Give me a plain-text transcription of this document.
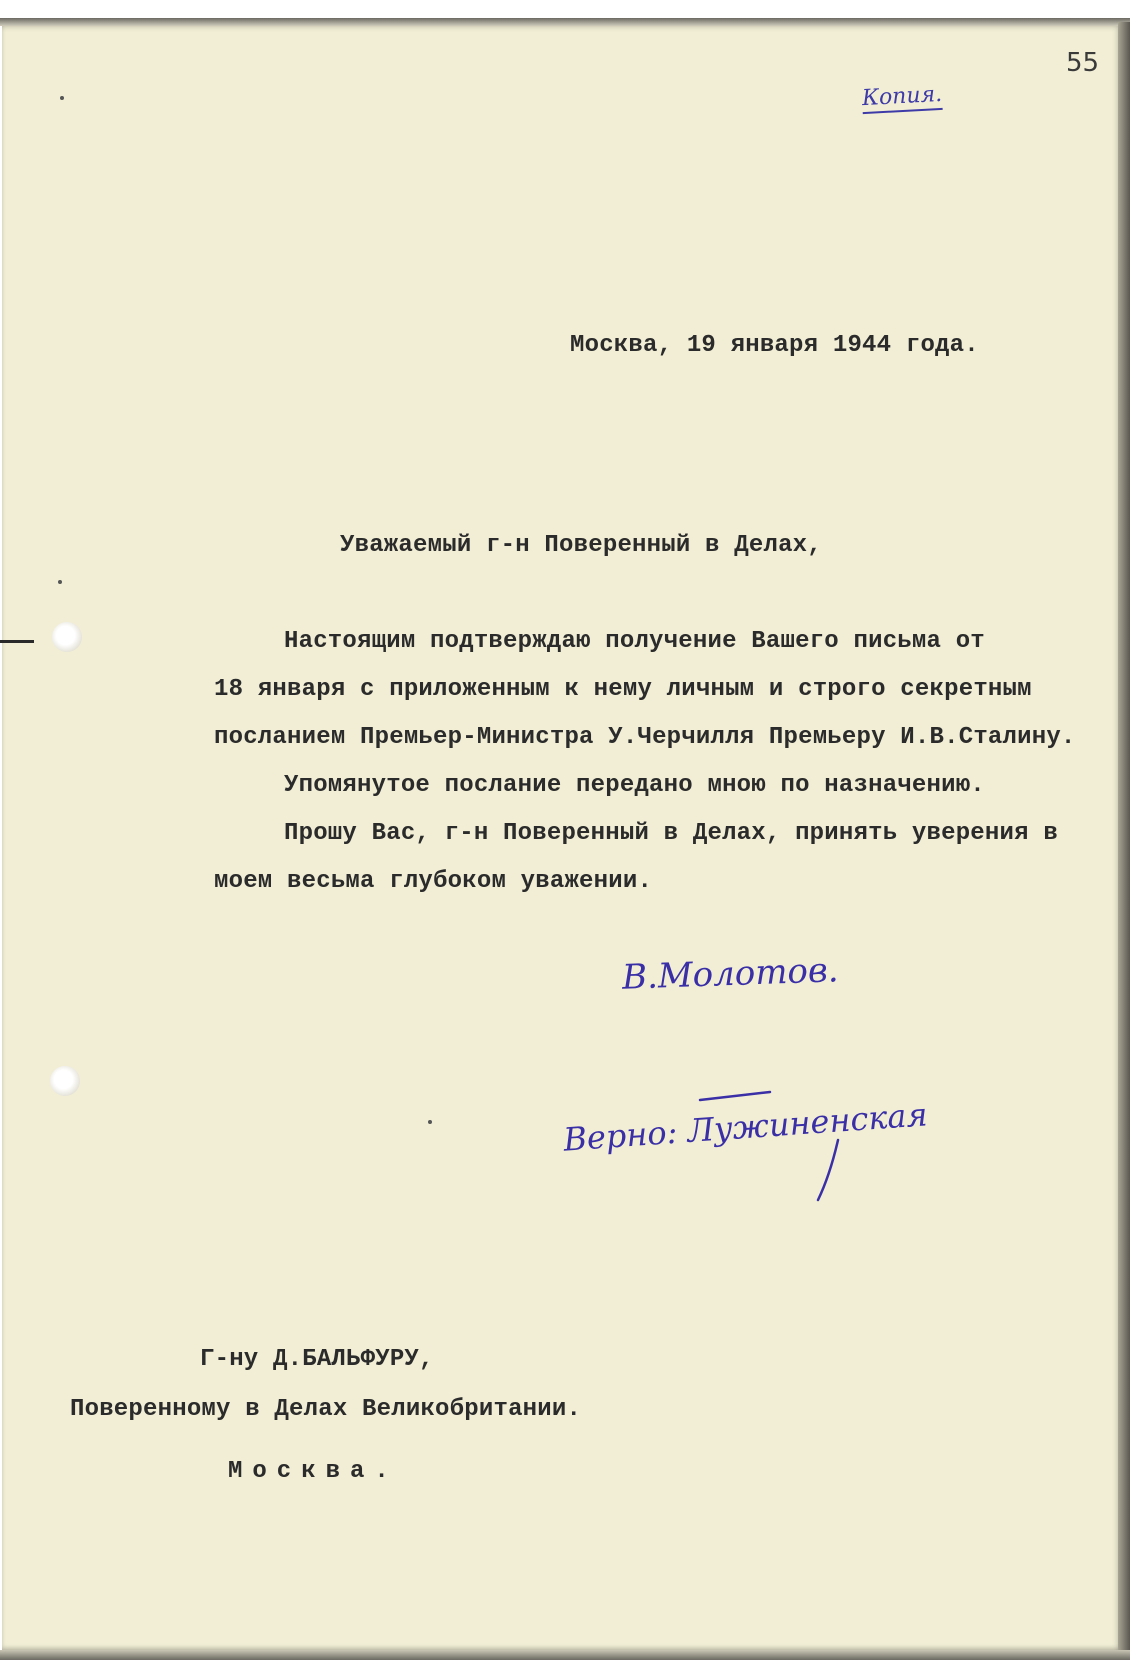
55
Копия.
Москва, 19 января 1944 года.
Уважаемый г-н Поверенный в Делах,
Настоящим подтверждаю получение Вашего письма от
18 января с приложенным к нему личным и строго секретным
посланием Премьер-Министра У.Черчилля Премьеру И.В.Сталину.
Упомянутое послание передано мною по назначению.
Прошу Вас, г-н Поверенный в Делах, принять уверения в
моем весьма глубоком уважении.
В.Молотов.
Верно: Лужиненская
Г-ну Д.БАЛЬФУРУ,
Поверенному в Делах Великобритании.
Москва.
